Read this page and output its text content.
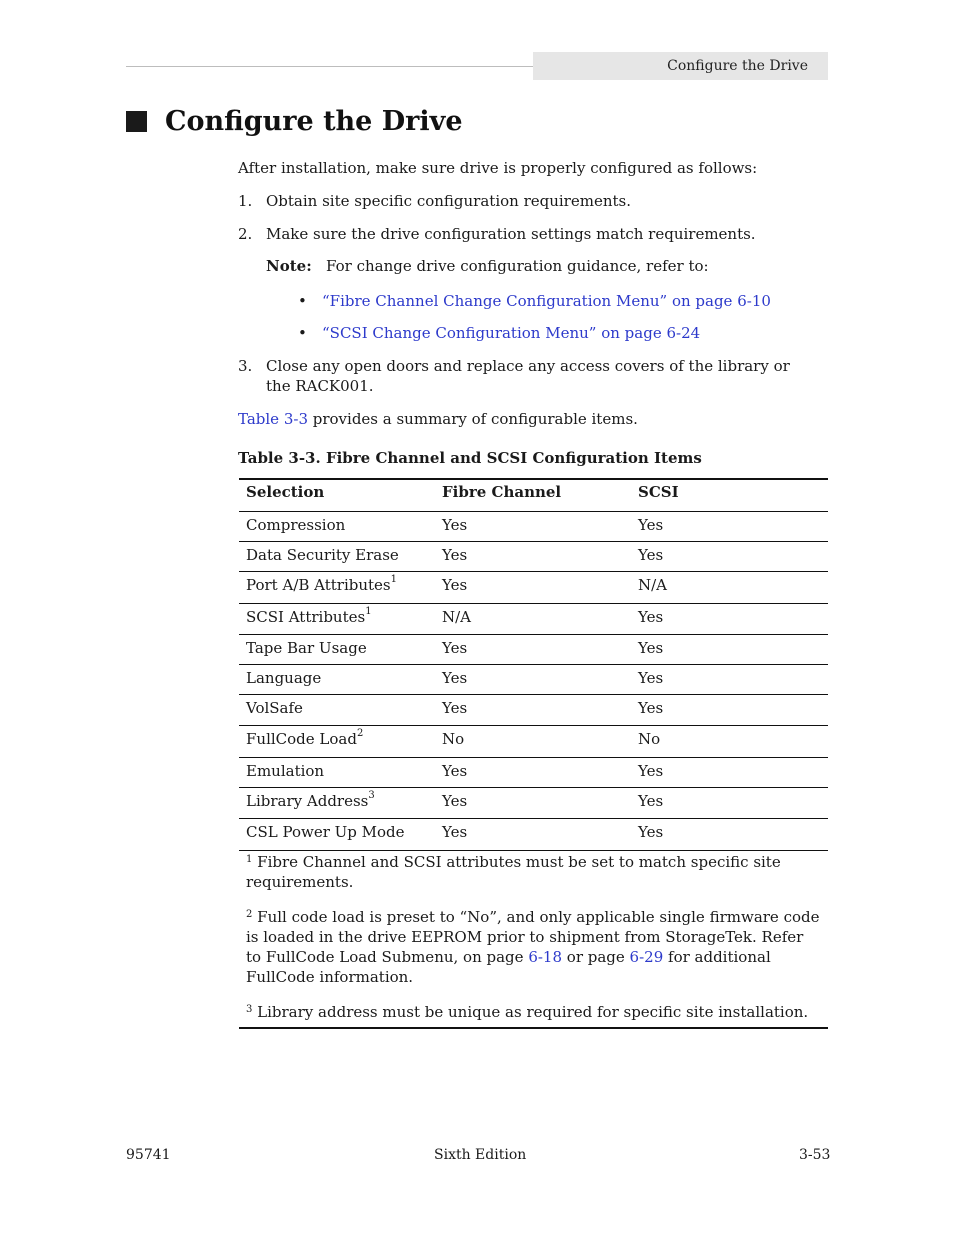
Configure the Drive
Configure the Drive
After installation, make sure drive is properly configured as follows:
1. Obtain site specific configuration requirements.
2. Make sure the drive configuration settings match requirements.
Note: For change drive configuration guidance, refer to:
• “Fibre Channel Change Configuration Menu” on page 6-10
• “SCSI Change Configuration Menu” on page 6-24
3. Close any open doors and replace any access covers of the library or the RACK001.
Table 3-3 provides a summary of configurable items.
Table 3-3. Fibre Channel and SCSI Configuration Items
Selection	Fibre Channel	SCSI
Compression	Yes	Yes
Data Security Erase	Yes	Yes
Port A/B Attributes$^1$	Yes	N/A
SCSI Attributes$^1$	N/A	Yes
Tape Bar Usage	Yes	Yes
Language	Yes	Yes
VolSafe	Yes	Yes
FullCode Load$^2$	No	No
Emulation	Yes	Yes
Library Address$^3$	Yes	Yes
CSL Power Up Mode	Yes	Yes
$^1$ Fibre Channel and SCSI attributes must be set to match specific site requirements.
$^2$ Full code load is preset to “No”, and only applicable single firmware code is loaded in the drive EEPROM prior to shipment from StorageTek. Refer to FullCode Load Submenu, on page 6-18 or page 6-29 for additional FullCode information.
$^3$ Library address must be unique as required for specific site installation.
95741	Sixth Edition	3-53
